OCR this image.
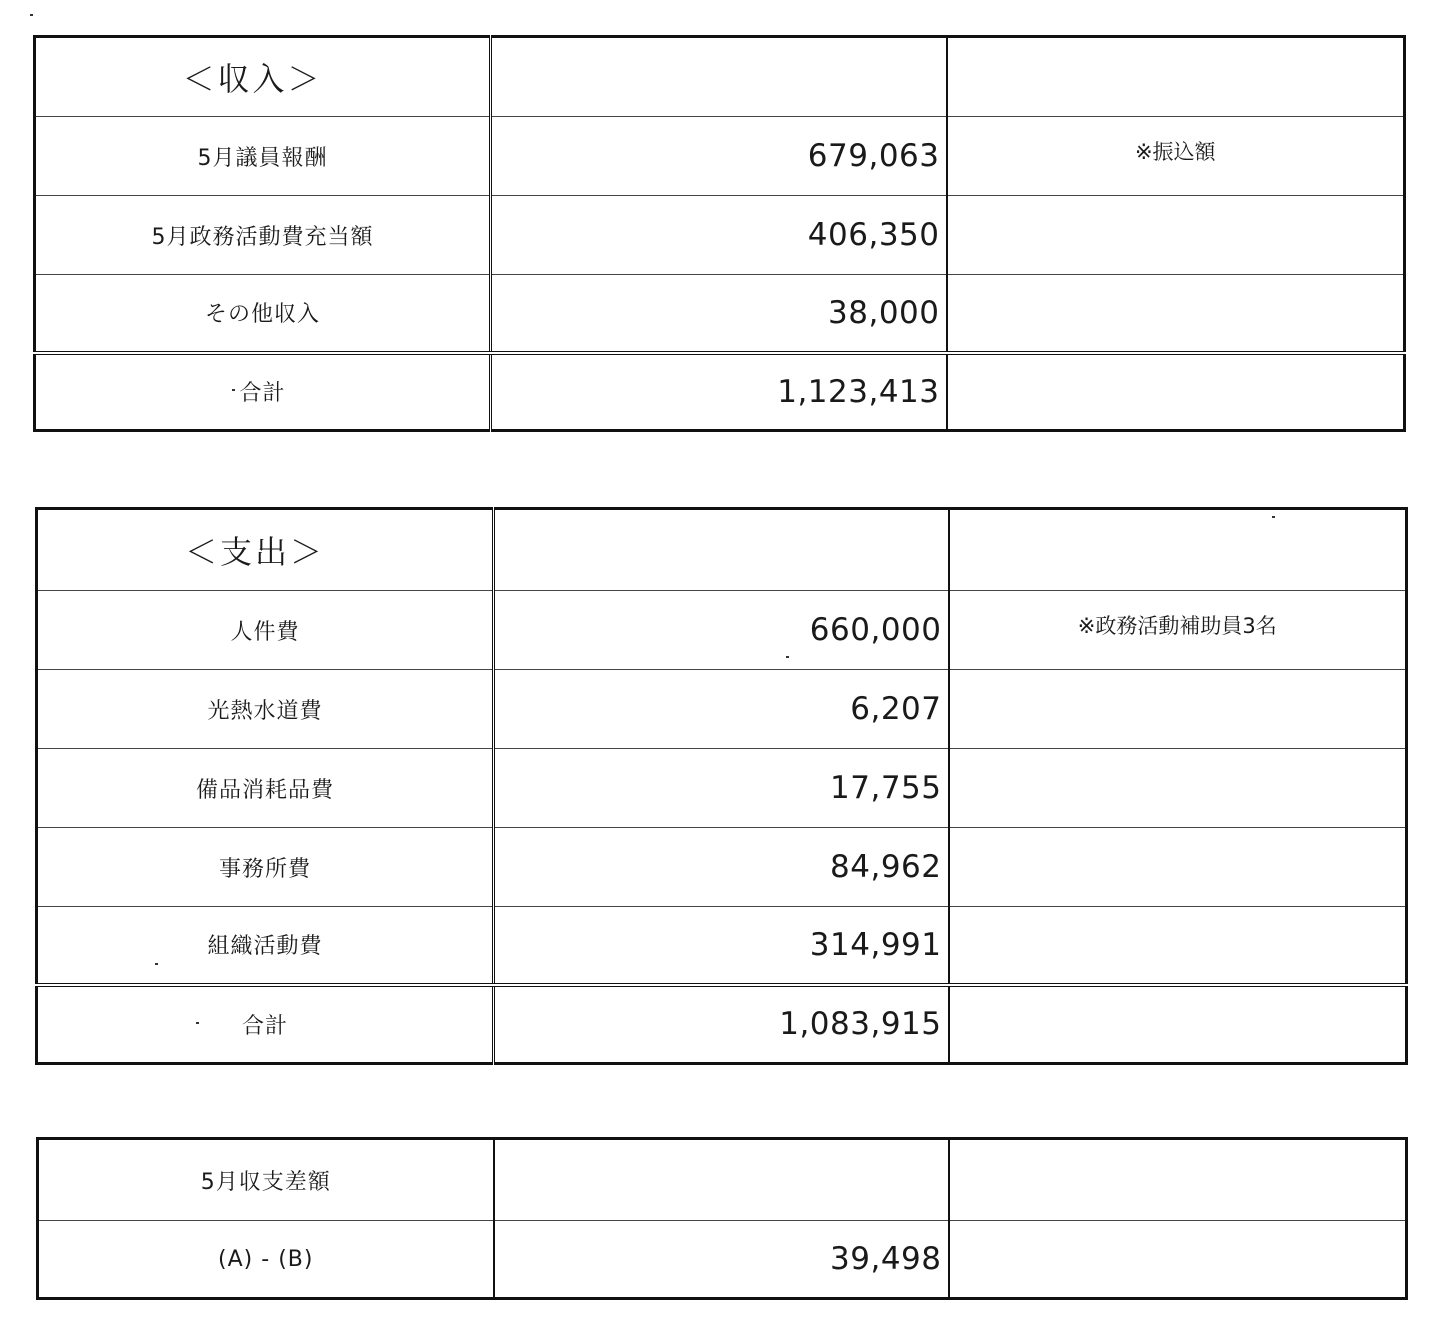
＜収入＞		
5月議員報酬	679,063	※振込額
5月政務活動費充当額	406,350	
その他収入	38,000	
合計	1,123,413	
＜支出＞		
人件費	660,000	※政務活動補助員3名
光熱水道費	6,207	
備品消耗品費	17,755	
事務所費	84,962	
組織活動費	314,991	
合計	1,083,915	
5月収支差額		
(A) - (B)	39,498	
